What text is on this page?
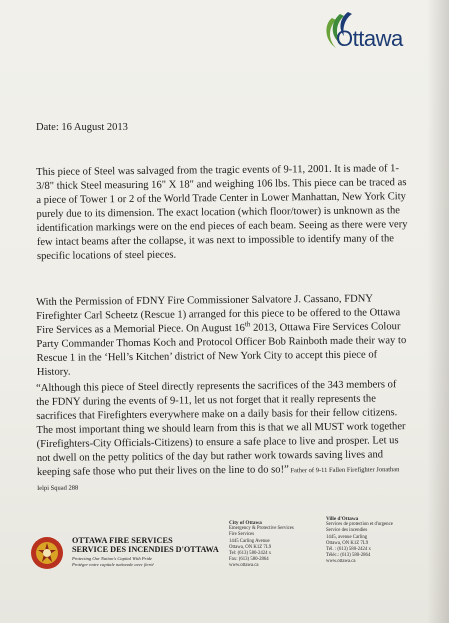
Ottawa
Date: 16 August 2013

This piece of Steel was salvaged from the tragic events of 9-11, 2001. It is made of 1-3/8" thick Steel measuring 16" X 18" and weighing 106 lbs. This piece can be traced as a piece of Tower 1 or 2 of the World Trade Center in Lower Manhattan, New York City purely due to its dimension. The exact location (which floor/tower) is unknown as the identification markings were on the end pieces of each beam. Seeing as there were very few intact beams after the collapse, it was next to impossible to identify many of the specific locations of steel pieces.

With the Permission of FDNY Fire Commissioner Salvatore J. Cassano, FDNY Firefighter Carl Scheetz (Rescue 1) arranged for this piece to be offered to the Ottawa Fire Services as a Memorial Piece. On August 16th 2013, Ottawa Fire Services Colour Party Commander Thomas Koch and Protocol Officer Bob Rainboth made their way to Rescue 1 in the ‘Hell’s Kitchen’ district of New York City to accept this piece of History.

“Although this piece of Steel directly represents the sacrifices of the 343 members of the FDNY during the events of 9-11, let us not forget that it really represents the sacrifices that Firefighters everywhere make on a daily basis for their fellow citizens. The most important thing we should learn from this is that we all MUST work together (Firefighters-City Officials-Citizens) to ensure a safe place to live and prosper. Let us not dwell on the petty politics of the day but rather work towards saving lives and keeping safe those who put their lives on the line to do so!” Father of 9-11 Fallen Firefighter Jonathan Ielpi Squad 288

OTTAWA FIRE SERVICES
SERVICE DES INCENDIES D'OTTAWA
Protecting Our Nation's Capital With Pride
Protéger notre capitale nationale avec fierté
City of Ottawa
Emergency & Protective Services
Fire Services
1445 Carling Avenue
Ottawa, ON K1Z 7L9
Tel: (613) 580-2424 x
Fax: (613) 580-2864
www.ottawa.ca
Ville d'Ottawa
Services de protection et d'urgence
Service des incendies
1445, avenue Carling
Ottawa, ON K1Z 7L9
Tél. : (613) 580-2424 x
Téléc.: (613) 580-2864
www.ottawa.ca
